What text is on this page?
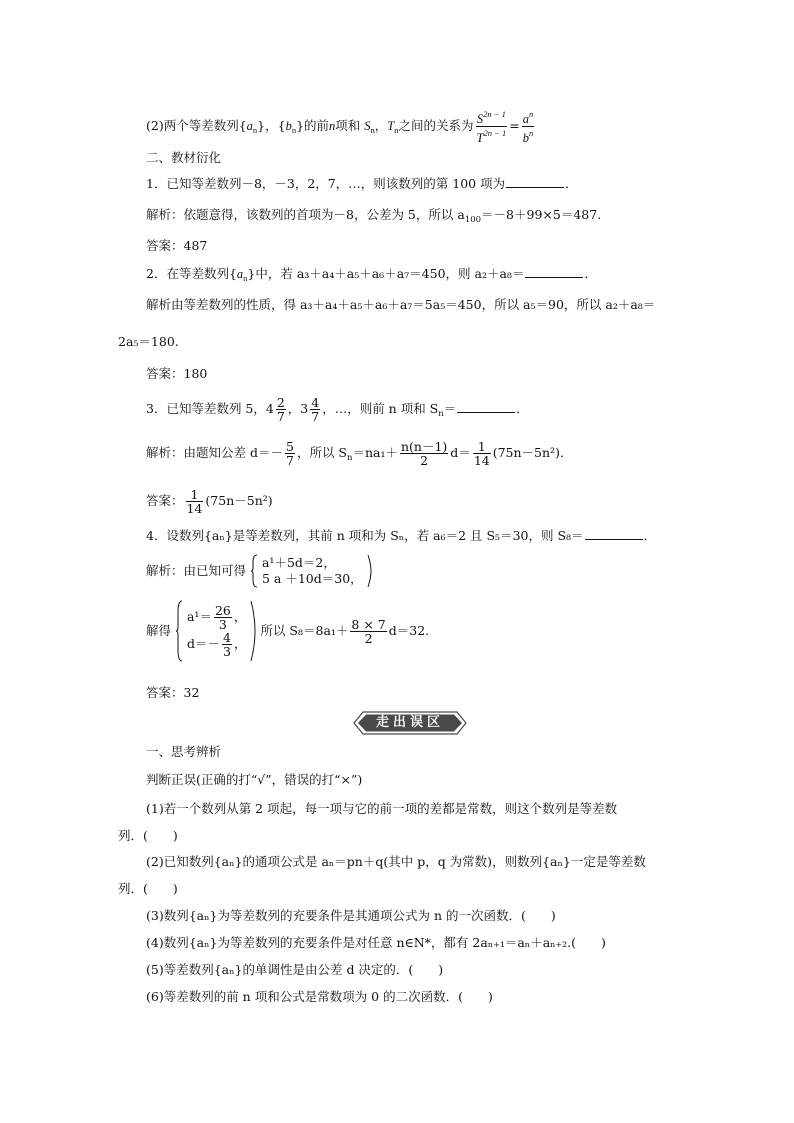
(2)两个等差数列$\{a_n\}$，$\{b_n\}$的前n项和 $S_n$，$T_n$之间的关系为 $\frac{S^{2n - 1}}{T^{2n - 1}} = \frac{a^n}{b^n}$
二、教材衍化
1．已知等差数列－8，－3，2，7，…，则该数列的第 100 项为	．
解析：依题意得，该数列的首项为－8，公差为 5，所以 $a_{100}=-8+99\times 5=487$.
答案：487
2．在等差数列$\{a_n\}$中，若 a₃＋a₄＋a₅＋a₆＋a₇＝450，则 a₂＋a₈＝	．
解析由等差数列的性质，得 a₃＋a₄＋a₅＋a₆＋a₇＝5a₅＝450，所以 a₅＝90，所以 a₂＋a₈＝
2a₅＝180.
答案：180
3．已知等差数列 5，$4 \frac{2}{7}$ ，$3 \frac{4}{7}$ ，…，则前 n 项和 $S_n=$	．
解析：由题知公差 $d=- \frac{5}{7}$ ，所以 $S_n=na_1+ \frac{n(n-1)}{2} d= \frac{1}{14} (75n-5n^2)$．
答案： $\frac{1}{14} (75n-5n^2)$
4．设数列{aₙ}是等差数列，其前 n 项和为 Sₙ，若 a₆＝2 且 S₅＝30，则 S₈＝	．
解析：由已知可得
a¹＋5d＝2，
5 a ＋10d＝30，

解得
$a^1= \frac{26}{3}$ ，
$d=- \frac{4}{3}$ ，
所以 $S_8=8a_1+ \frac{8 \times 7}{2} d=32$.
答案：32
走出误区
一、思考辨析
判断正误(正确的打“√”，错误的打“×”)
(1)若一个数列从第 2 项起，每一项与它的前一项的差都是常数，则这个数列是等差数
列．(　　)
(2)已知数列{aₙ}的通项公式是 aₙ＝pn＋q(其中 p，q 为常数)，则数列{aₙ}一定是等差数
列．(　　)
(3)数列{aₙ}为等差数列的充要条件是其通项公式为 n 的一次函数．(　　)
(4)数列{aₙ}为等差数列的充要条件是对任意 n∈N*，都有 2aₙ₊₁＝aₙ＋aₙ₊₂.(　　)
(5)等差数列{aₙ}的单调性是由公差 d 决定的．(　　)
(6)等差数列的前 n 项和公式是常数项为 0 的二次函数．(　　)
